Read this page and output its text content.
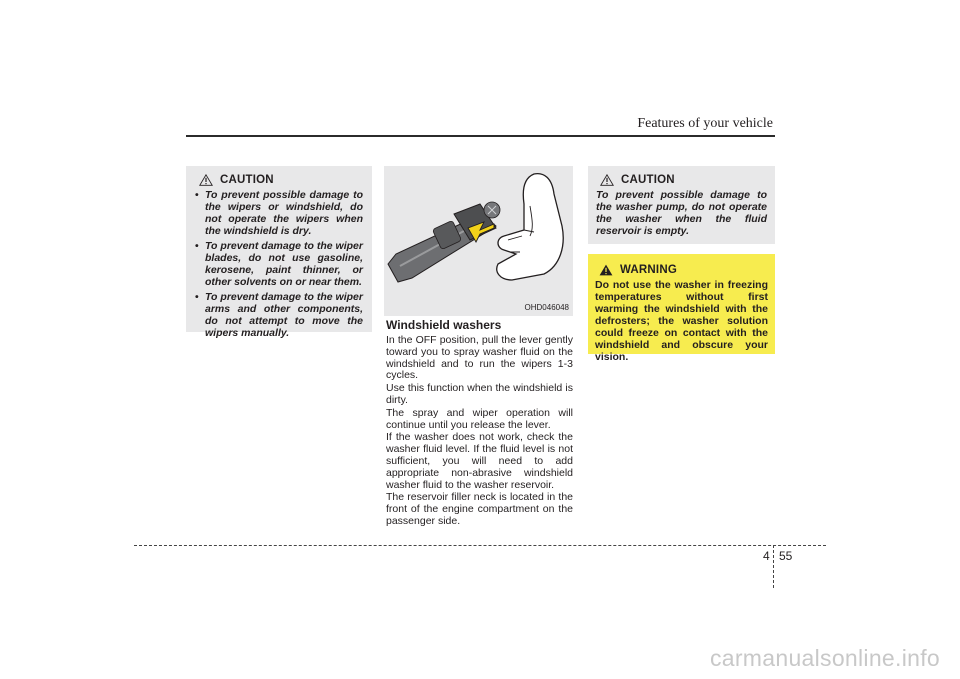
Features of your vehicle
CAUTION
• To prevent possible damage to the wipers or windshield, do not operate the wipers when the windshield is dry.
• To prevent damage to the wiper blades, do not use gasoline, kerosene, paint thinner, or other solvents on or near them.
• To prevent damage to the wiper arms and other components, do not attempt to move the wipers manually.
OHD046048
Windshield washers

In the OFF position, pull the lever gently toward you to spray washer fluid on the windshield and to run the wipers 1-3 cycles.

Use this function when the windshield is dirty.

The spray and wiper operation will continue until you release the lever.

If the washer does not work, check the washer fluid level. If the fluid level is not sufficient, you will need to add appropriate non-abrasive windshield washer fluid to the washer reservoir.

The reservoir filler neck is located in the front of the engine compartment on the passenger side.

CAUTION

To prevent possible damage to the washer pump, do not operate the washer when the fluid reservoir is empty.

WARNING

Do not use the washer in freezing temperatures without first warming the windshield with the defrosters; the washer solution could freeze on contact with the windshield and obscure your vision.

4 55
carmanualsonline.info
